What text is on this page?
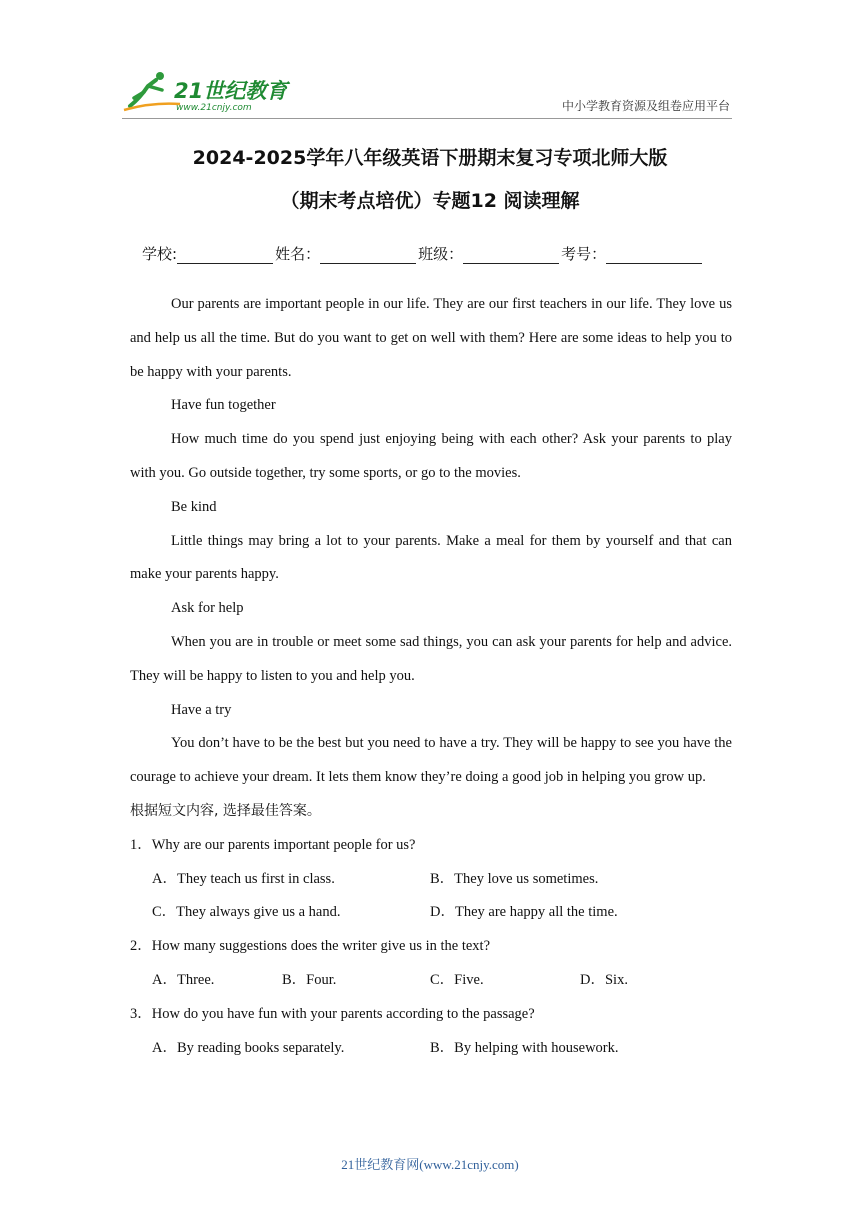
21世纪教育
www.21cnjy.com	中小学教育资源及组卷应用平台
2024-2025学年八年级英语下册期末复习专项北师大版
（期末考点培优）专题12 阅读理解
学校:	姓名：	班级：	考号：

Our parents are important people in our life. They are our first teachers in our life. They love us and help us all the time. But do you want to get on well with them? Here are some ideas to help you to be happy with your parents.

Have fun together

How much time do you spend just enjoying being with each other? Ask your parents to play with you. Go outside together, try some sports, or go to the movies.

Be kind

Little things may bring a lot to your parents. Make a meal for them by yourself and that can make your parents happy.

Ask for help

When you are in trouble or meet some sad things, you can ask your parents for help and advice. They will be happy to listen to you and help you.

Have a try

You don’t have to be the best but you need to have a try. They will be happy to see you have the courage to achieve your dream. It lets them know they’re doing a good job in helping you grow up.

根据短文内容, 选择最佳答案。

1．Why are our parents important people for us?

A．They teach us first in class.	B．They love us sometimes.
C．They always give us a hand.	D．They are happy all the time.

2．How many suggestions does the writer give us in the text?

A．Three.	B．Four.	C．Five.	D．Six.

3．How do you have fun with your parents according to the passage?

A．By reading books separately.	B．By helping with housework.
21世纪教育网(www.21cnjy.com)
